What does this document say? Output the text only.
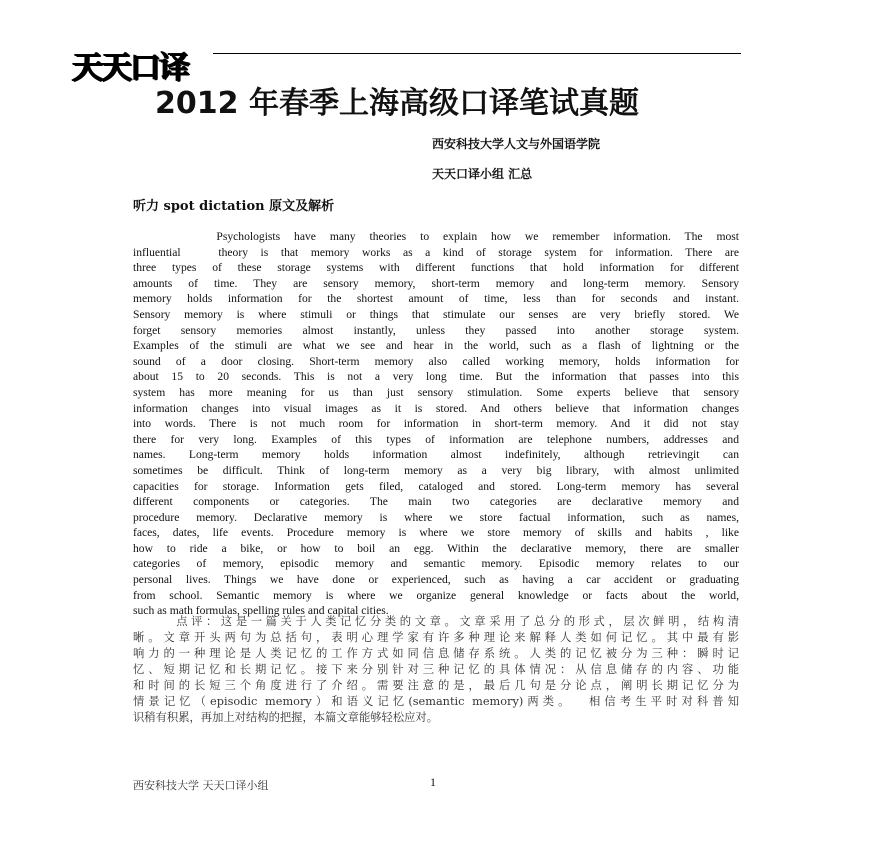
天天口译
2012 年春季上海高级口译笔试真题
西安科技大学人文与外国语学院
天天口译小组 汇总
听力 spot dictation 原文及解析
Psychologists have many theories to explain how we remember information. The most
influential   theory is that memory works as a kind of storage system for information. There are
three types of these storage systems with different functions that hold information for different
amounts of time. They are sensory memory, short-term memory and long-term memory. Sensory
memory holds information for the shortest amount of time, less than for seconds and instant.
Sensory memory is where stimuli or things that stimulate our senses are very briefly stored. We
forget sensory memories almost instantly, unless they passed into another storage system.
Examples of the stimuli are what we see and hear in the world, such as a flash of lightning or the
sound of a door closing. Short-term memory also called working memory, holds information for
about 15 to 20 seconds. This is not a very long time. But the information that passes into this
system has more meaning for us than just sensory stimulation. Some experts believe that sensory
information changes into visual images as it is stored. And others believe that information changes
into words. There is not much room for information in short-term memory. And it did not stay
there for very long. Examples of this types of information are telephone numbers, addresses and
names. Long-term memory holds information almost indefinitely, although retrievingit can
sometimes be difficult. Think of long-term memory as a very big library, with almost unlimited
capacities for storage. Information gets filed, cataloged and stored. Long-term memory has several
different components or categories. The main two categories are declarative memory and
procedure memory. Declarative memory is where we store factual information, such as names,
faces, dates, life events. Procedure memory is where we store memory of skills and habits , like
how to ride a bike, or how to boil an egg. Within the declarative memory, there are smaller
categories of memory, episodic memory and semantic memory. Episodic memory relates to our
personal lives. Things we have done or experienced, such as having a car accident or graduating
from school. Semantic memory is where we organize general knowledge or facts about the world,
such as math formulas, spelling rules and capital cities.
点评：这是一篇关于人类记忆分类的文章。文章采用了总分的形式，层次鲜明，结构清
晰。文章开头两句为总括句，表明心理学家有许多种理论来解释人类如何记忆。其中最有影
响力的一种理论是人类记忆的工作方式如同信息储存系统。人类的记忆被分为三种：瞬时记
忆、短期记忆和长期记忆。接下来分别针对三种记忆的具体情况：从信息储存的内容、功能
和时间的长短三个角度进行了介绍。需要注意的是，最后几句是分论点，阐明长期记忆分为
情景记忆（episodic memory）和语义记忆(semantic memory)两类。  相信考生平时对科普知
识稍有积累，再加上对结构的把握，本篇文章能够轻松应对。
西安科技大学 天天口译小组	1
